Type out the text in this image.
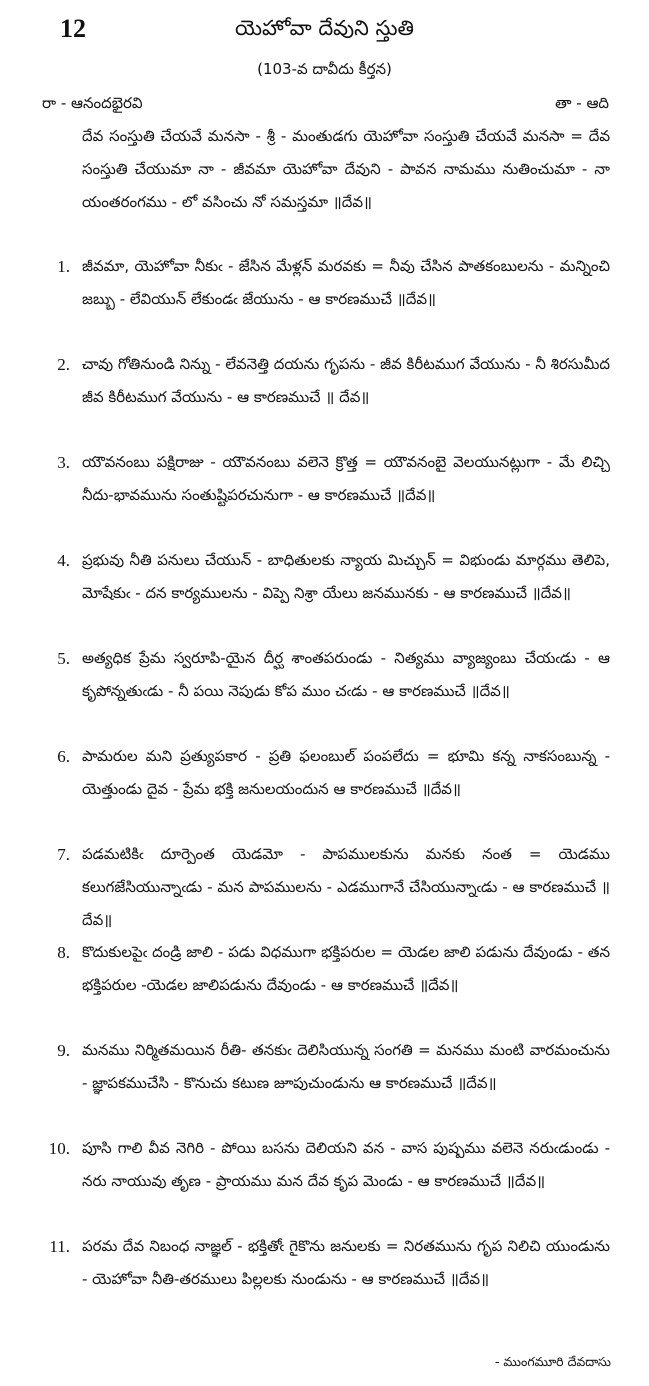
12	యెహోవా దేవుని స్తుతి
(103-వ దావీదు కీర్తన)
రా - ఆనందభైరవి	తా - ఆది

దేవ సంస్తుతి చేయవే మనసా - శ్రీ - మంతుడగు యెహోవా సంస్తుతి చేయవే మనసా = దేవ సంస్తుతి చేయుమా నా - జీవమా యెహోవా దేవుని - పావన నామము నుతించుమా - నా యంతరంగము - లో వసించు నో సమస్తమా ॥దేవ॥

1. జీవమా, యెహోవా నీకుఁ - జేసిన మేళ్లన్ మరవకు = నీవు చేసిన పాతకంబులను - మన్నించి జబ్బు - లేవియున్ లేకుండఁ జేయును - ఆ కారణముచే ॥దేవ॥

2. చావు గోతినుండి నిన్ను - లేవనెత్తి దయను గృపను - జీవ కిరీటముగ వేయును - నీ శిరసుమీద జీవ కిరీటముగ వేయును - ఆ కారణముచే ॥ దేవ॥

3. యౌవనంబు పక్షిరాజు - యౌవనంబు వలెనె క్రొత్త = యౌవనంబై వెలయునట్లుగా - మే లిచ్చి నీదు-భావమును సంతుష్టిపరచునుగా - ఆ కారణముచే ॥దేవ॥

4. ప్రభువు నీతి పనులు చేయున్ - బాధితులకు న్యాయ మిచ్చున్ = విభుండు మార్గము తెలిపె, మోషేకుఁ - దన కార్యములను - విప్పె నిశ్రా యేలు జనమునకు - ఆ కారణముచే ॥దేవ॥

5. అత్యధిక ప్రేమ స్వరూపి-యైన దీర్ఘ శాంతపరుండు - నిత్యము వ్యాజ్యంబు చేయఁడు - ఆ కృపోన్నతుఁడు - నీ పయి నెపుడు కోప ముం చఁడు - ఆ కారణముచే ॥దేవ॥

6. పామరుల మని ప్రత్యుపకార - ప్రతి ఫలంబుల్ పంపలేదు = భూమి కన్న నాకసంబున్న - యెత్తుండు దైవ - ప్రేమ భక్తి జనులయందున ఆ కారణముచే ॥దేవ॥

7. పడమటికిఁ దూర్పెంత యెడమో - పాపములకును మనకు నంత = యెడము కలుగజేసియున్నాఁడు - మన పాపములను - ఎడముగానే చేసియున్నాఁడు - ఆ కారణముచే ॥దేవ॥

8. కొదుకులపైఁ దండ్రి జాలి - పడు విధముగా భక్తిపరుల = యెడల జాలి పడును దేవుండు - తన భక్తిపరుల -యెడల జాలిపడును దేవుండు - ఆ కారణముచే ॥దేవ॥

9. మనము నిర్మితమయిన రీతి- తనకుఁ దెలిసియున్న సంగతి = మనము మంటి వారమంచును - జ్ఞాపకముచేసి - కొనుచు కటుణ జూపుచుండును ఆ కారణముచే ॥దేవ॥

10. పూసి గాలి వీవ నెగిరి - పోయి బసను దెలియని వన - వాస పుష్పము వలెనె నరుఁడుండు - నరు నాయువు తృణ - ప్రాయము మన దేవ కృప మెండు - ఆ కారణముచే ॥దేవ॥

11. పరమ దేవ నిబంధ నాజ్ఞల్ - భక్తితోఁ గైకొను జనులకు = నిరతమును గృప నిలిచి యుండును - యెహోవా నీతి-తరములు పిల్లలకు నుండును - ఆ కారణముచే ॥దేవ॥

- ముంగమూరి దేవదాసు
